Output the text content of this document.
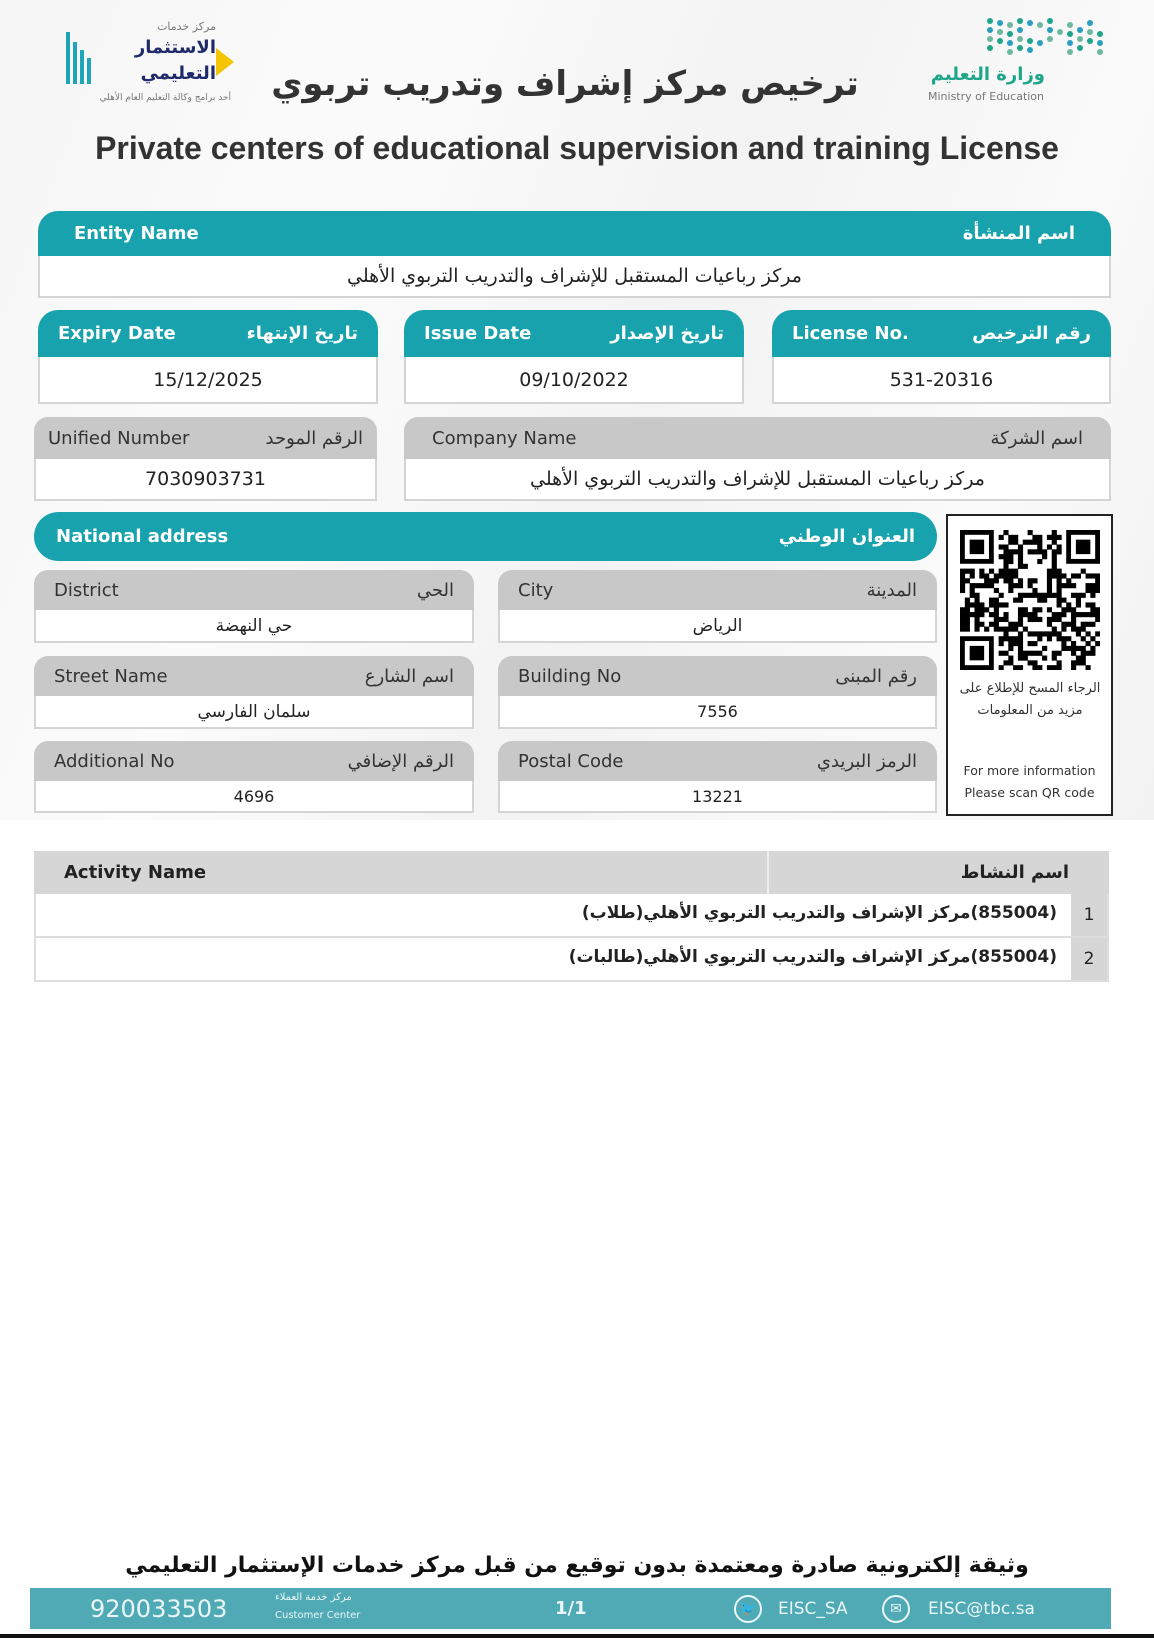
مركز خدمات
الاستثمار
التعليمي
أحد برامج وكالة التعليم العام الأهلي	ترخيص مركز إشراف وتدريب تربوي	وزارة التعليم
Ministry of Education
Private centers of educational supervision and training License
Entity Name	اسم المنشأة
مركز رباعيات المستقبل للإشراف والتدريب التربوي الأهلي
Expiry Date	تاريخ الإنتهاء
15/12/2025
Issue Date	تاريخ الإصدار
09/10/2022
License No.	رقم الترخيص
531-20316
Unified Number	الرقم الموحد
7030903731
Company Name	اسم الشركة
مركز رباعيات المستقبل للإشراف والتدريب التربوي الأهلي
National address	العنوان الوطني
District	الحي
حي النهضة
City	المدينة
الرياض
Street Name	اسم الشارع
سلمان الفارسي
Building No	رقم المبنى
7556
Additional No	الرقم الإضافي
4696
Postal Code	الرمز البريدي
13221
الرجاء المسح للإطلاع على مزيد من المعلومات
For more information
Please scan QR code
Activity Name	اسم النشاط
(855004)مركز الإشراف والتدريب التربوي الأهلي(طلاب)	1
(855004)مركز الإشراف والتدريب التربوي الأهلي(طالبات)	2
وثيقة إلكترونية صادرة ومعتمدة بدون توقيع من قبل مركز خدمات الإستثمار التعليمي
920033503	مركز خدمة العملاء
Customer Center	1/1	🐦	EISC_SA	✉	EISC@tbc.sa
